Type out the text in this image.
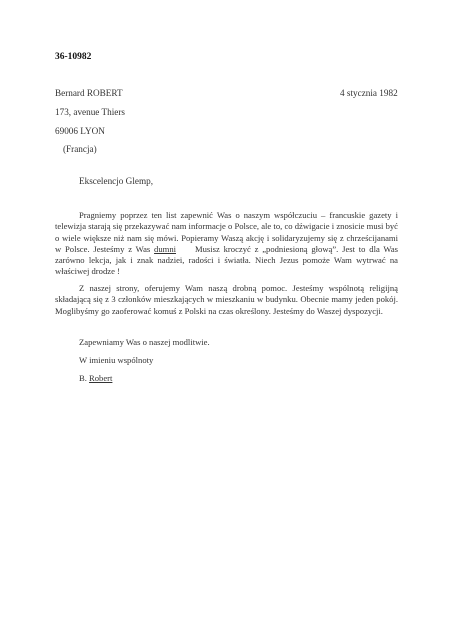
36-10982
Bernard ROBERT
173, avenue Thiers
69006 LYON
(Francja)
4 stycznia 1982
Ekscelencjo Glemp,

Pragniemy poprzez ten list zapewnić Was o naszym współczuciu – francuskie gazety i telewizja starają się przekazywać nam informacje o Polsce, ale to, co dźwigacie i znosicie musi być o wiele większe niż nam się mówi. Popieramy Waszą akcję i solidaryzujemy się z chrześcijanami w Polsce. Jesteśmy z Was dumni     Musisz kroczyć z „podniesioną głową”. Jest to dla Was zarówno lekcja, jak i znak nadziei, radości i światła. Niech Jezus pomoże Wam wytrwać na właściwej drodze !

Z naszej strony, oferujemy Wam naszą drobną pomoc. Jesteśmy wspólnotą religijną składającą się z 3 członków mieszkających w mieszkaniu w budynku. Obecnie mamy jeden pokój. Moglibyśmy go zaoferować komuś z Polski na czas określony. Jesteśmy do Waszej dyspozycji.

Zapewniamy Was o naszej modlitwie.
W imieniu wspólnoty
B. Robert
